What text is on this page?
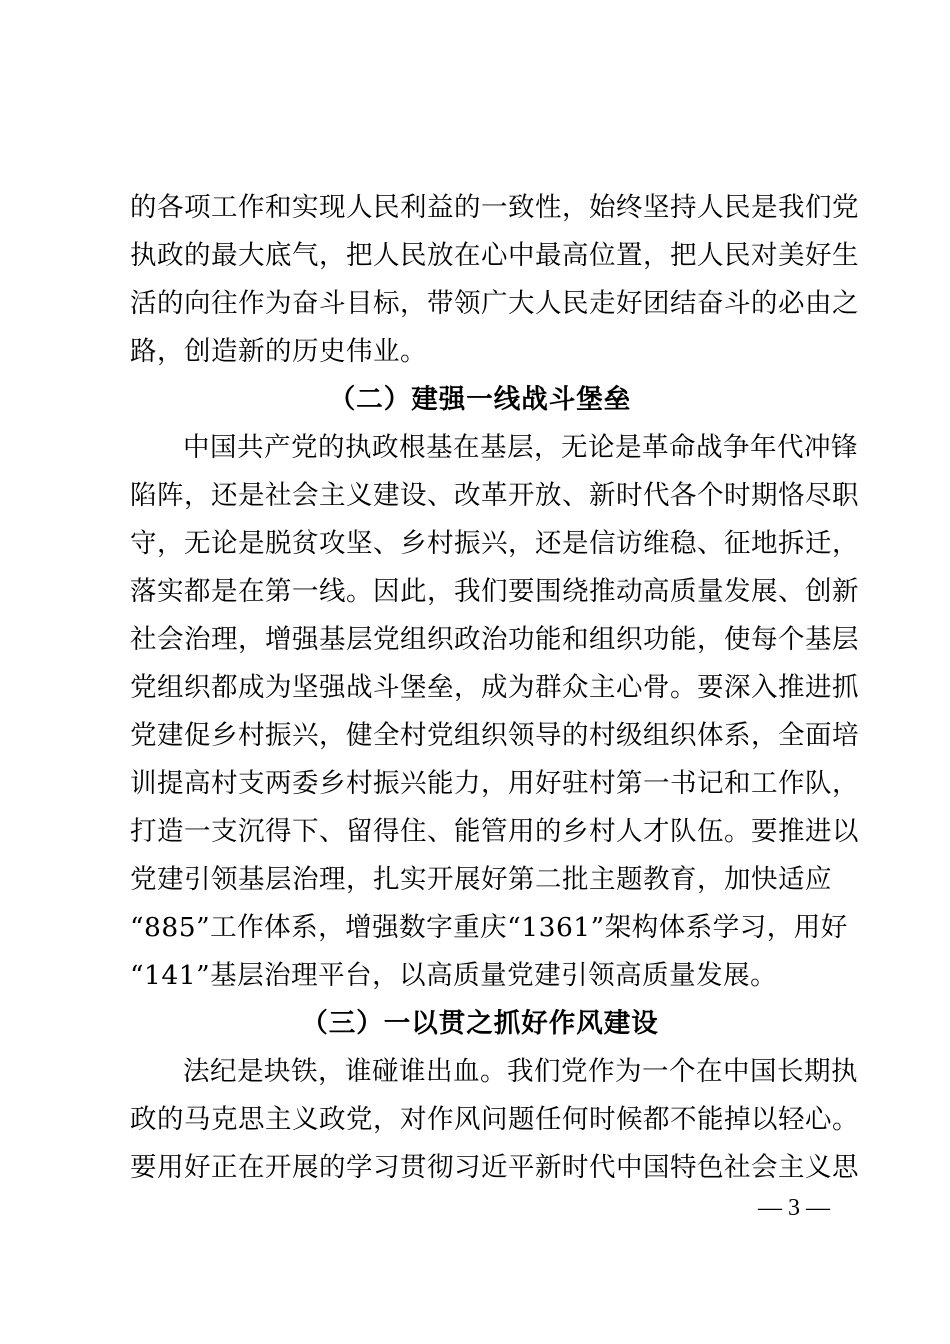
的各项工作和实现人民利益的一致性，始终坚持人民是我们党
执政的最大底气，把人民放在心中最高位置，把人民对美好生
活的向往作为奋斗目标，带领广大人民走好团结奋斗的必由之
路，创造新的历史伟业。
（二）建强一线战斗堡垒
中国共产党的执政根基在基层，无论是革命战争年代冲锋
陷阵，还是社会主义建设、改革开放、新时代各个时期恪尽职
守，无论是脱贫攻坚、乡村振兴，还是信访维稳、征地拆迁，
落实都是在第一线。因此，我们要围绕推动高质量发展、创新
社会治理，增强基层党组织政治功能和组织功能，使每个基层
党组织都成为坚强战斗堡垒，成为群众主心骨。要深入推进抓
党建促乡村振兴，健全村党组织领导的村级组织体系，全面培
训提高村支两委乡村振兴能力，用好驻村第一书记和工作队，
打造一支沉得下、留得住、能管用的乡村人才队伍。要推进以
党建引领基层治理，扎实开展好第二批主题教育，加快适应
“885”工作体系，增强数字重庆“1361”架构体系学习，用好
“141”基层治理平台，以高质量党建引领高质量发展。
（三）一以贯之抓好作风建设
法纪是块铁，谁碰谁出血。我们党作为一个在中国长期执
政的马克思主义政党，对作风问题任何时候都不能掉以轻心。
要用好正在开展的学习贯彻习近平新时代中国特色社会主义思
— 3 —
